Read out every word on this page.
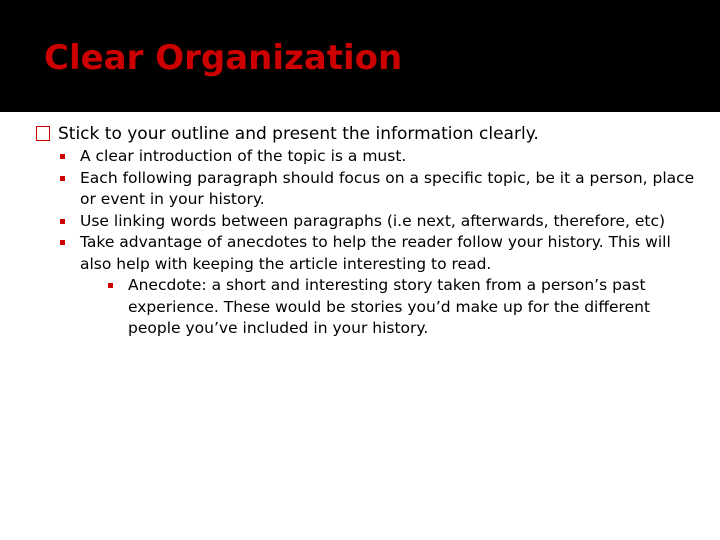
Clear Organization
Stick to your outline and present the information clearly.
A clear introduction of the topic is a must.
Each following paragraph should focus on a specific topic, be it a person, place or event in your history.
Use linking words between paragraphs (i.e next, afterwards, therefore, etc)
Take advantage of anecdotes to help the reader follow your history. This will also help with keeping the article interesting to read.
Anecdote: a short and interesting story taken from a person’s past experience. These would be stories you’d make up for the different people you’ve included in your history.
